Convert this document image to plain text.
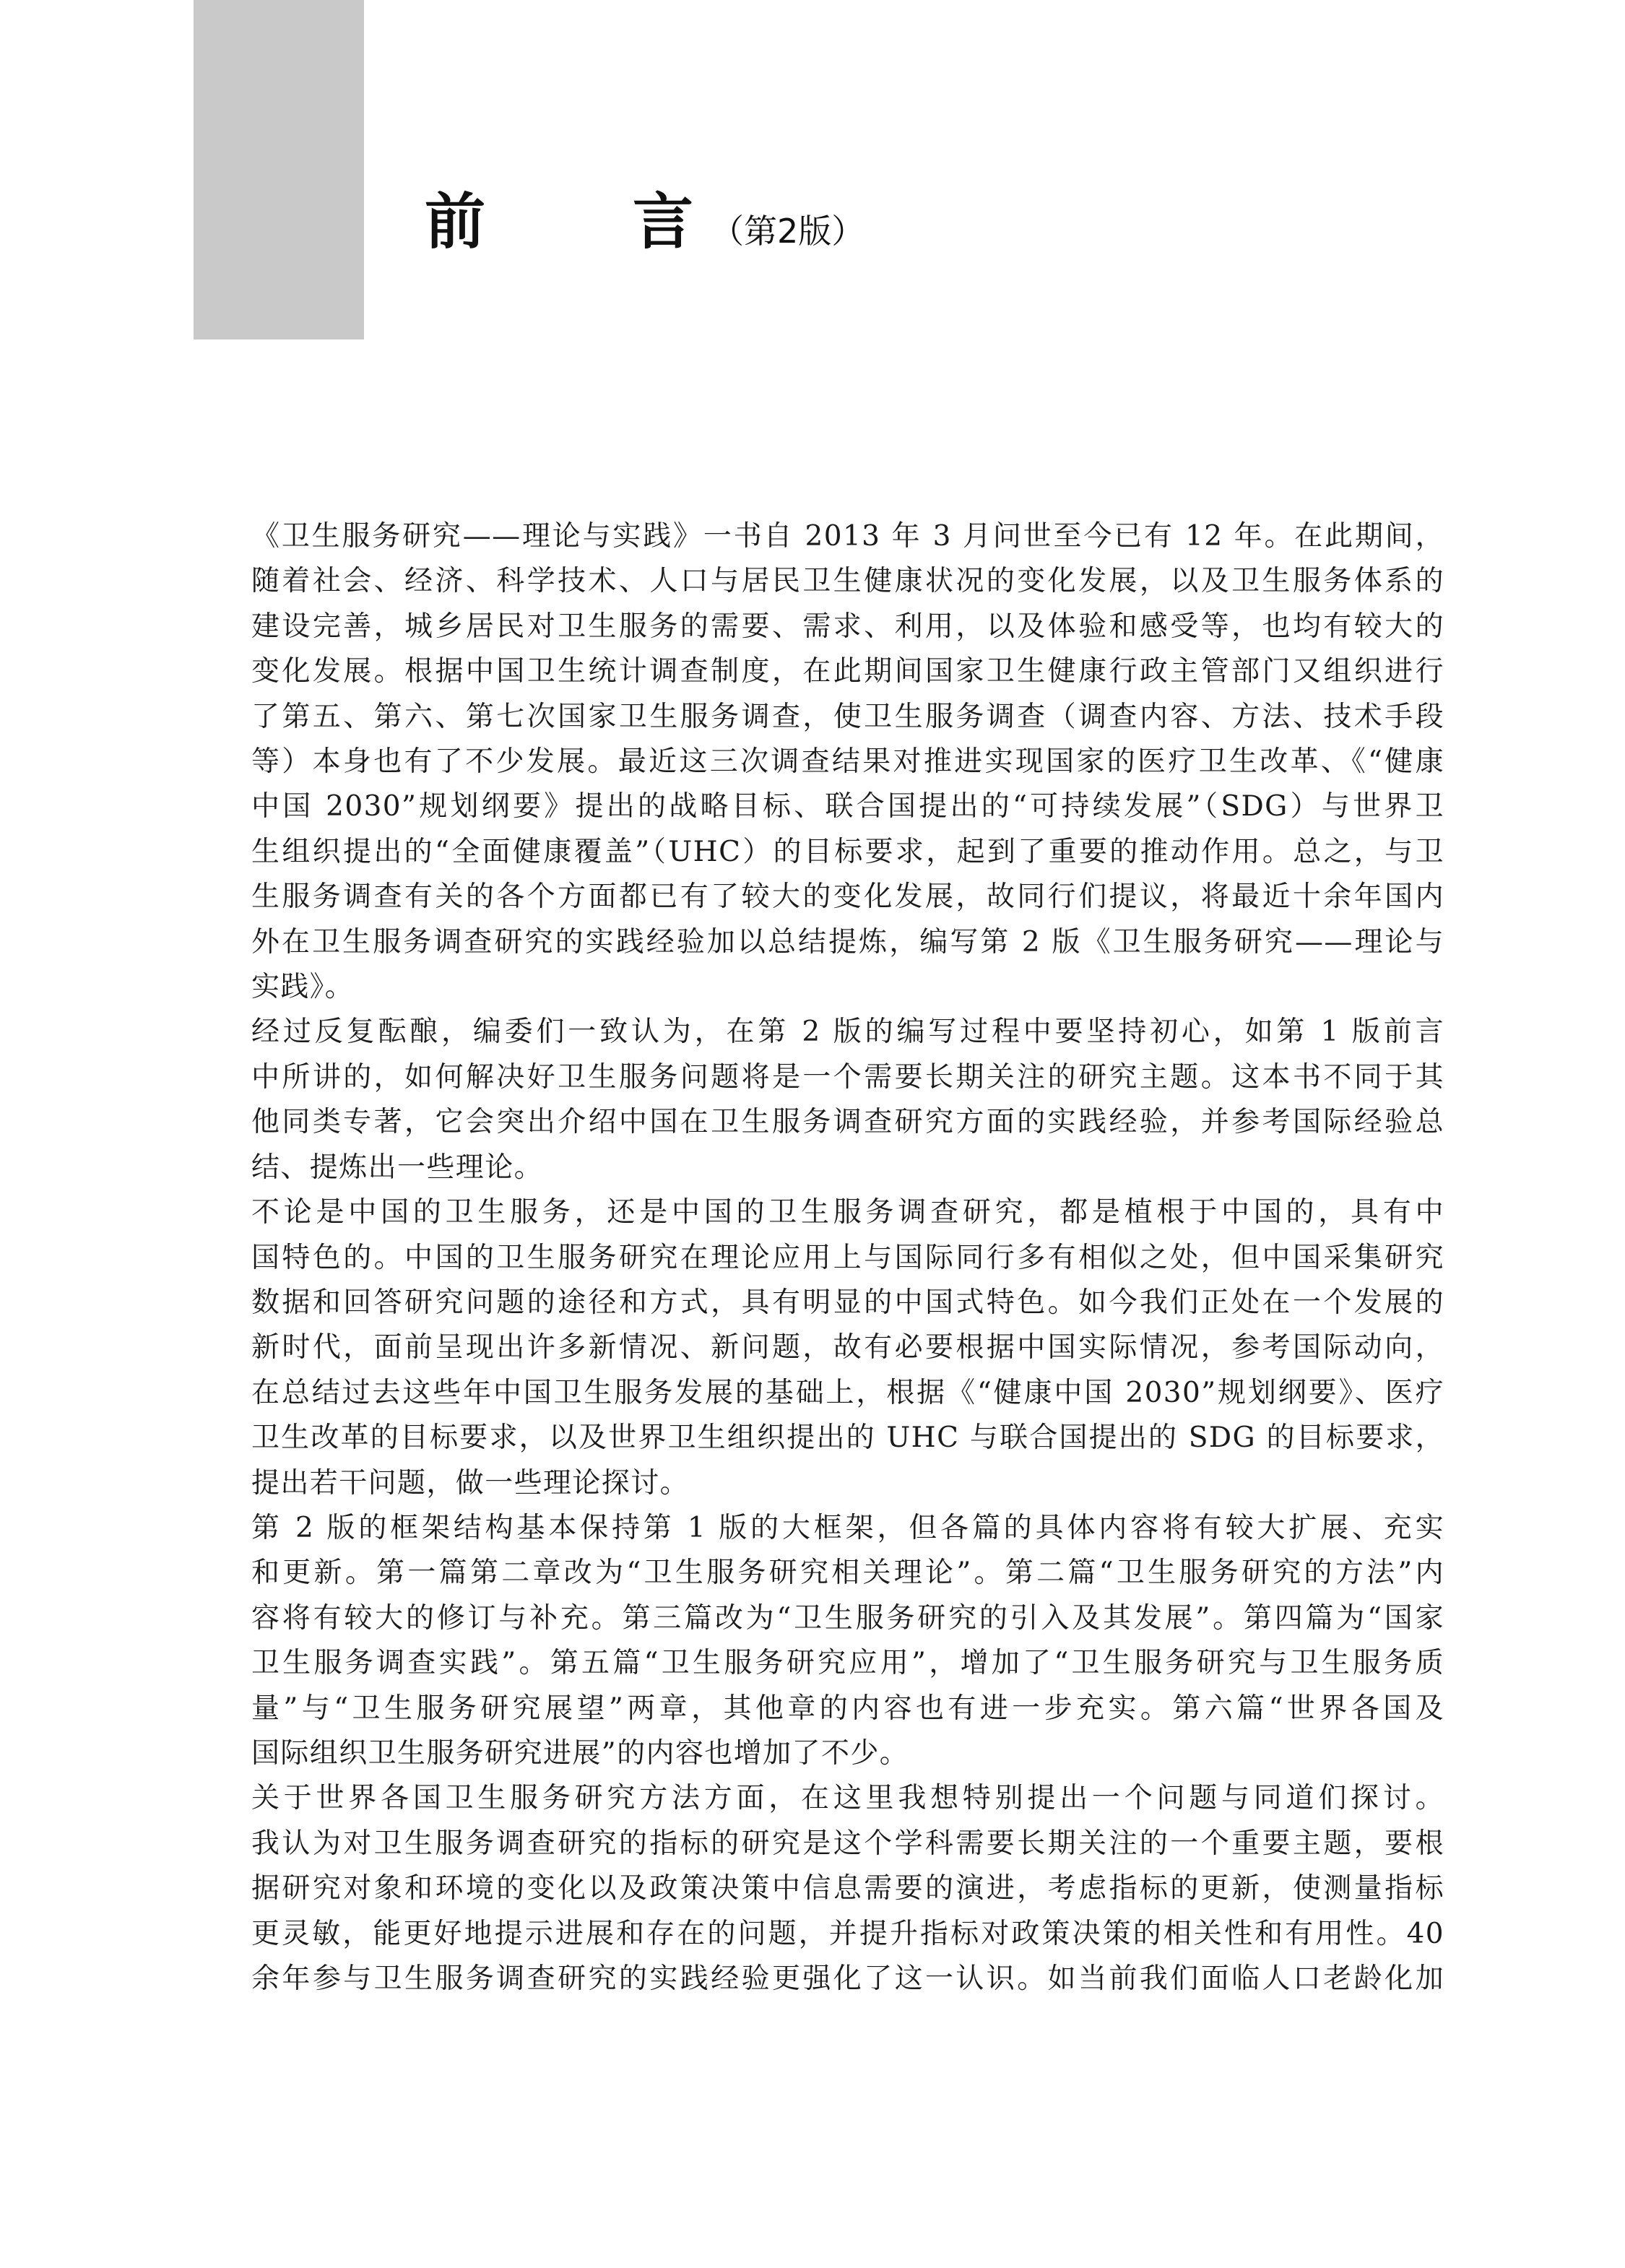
前　言
（第2版）

《卫生服务研究——理论与实践》一书自 2013 年 3 月问世至今已有 12 年。在此期间，
随着社会、经济、科学技术、人口与居民卫生健康状况的变化发展，以及卫生服务体系的
建设完善，城乡居民对卫生服务的需要、需求、利用，以及体验和感受等，也均有较大的
变化发展。根据中国卫生统计调查制度，在此期间国家卫生健康行政主管部门又组织进行
了第五、第六、第七次国家卫生服务调查，使卫生服务调查（调查内容、方法、技术手段
等）本身也有了不少发展。最近这三次调查结果对推进实现国家的医疗卫生改革、《“健康
中国 2030”规划纲要》提出的战略目标、联合国提出的“可持续发展”（SDG）与世界卫
生组织提出的“全面健康覆盖”（UHC）的目标要求，起到了重要的推动作用。总之，与卫
生服务调查有关的各个方面都已有了较大的变化发展，故同行们提议，将最近十余年国内
外在卫生服务调查研究的实践经验加以总结提炼，编写第 2 版《卫生服务研究——理论与
实践》。

经过反复酝酿，编委们一致认为，在第 2 版的编写过程中要坚持初心，如第 1 版前言
中所讲的，如何解决好卫生服务问题将是一个需要长期关注的研究主题。这本书不同于其
他同类专著，它会突出介绍中国在卫生服务调查研究方面的实践经验，并参考国际经验总
结、提炼出一些理论。

不论是中国的卫生服务，还是中国的卫生服务调查研究，都是植根于中国的，具有中
国特色的。中国的卫生服务研究在理论应用上与国际同行多有相似之处，但中国采集研究
数据和回答研究问题的途径和方式，具有明显的中国式特色。如今我们正处在一个发展的
新时代，面前呈现出许多新情况、新问题，故有必要根据中国实际情况，参考国际动向，
在总结过去这些年中国卫生服务发展的基础上，根据《“健康中国 2030”规划纲要》、医疗
卫生改革的目标要求，以及世界卫生组织提出的 UHC 与联合国提出的 SDG 的目标要求，
提出若干问题，做一些理论探讨。

第 2 版的框架结构基本保持第 1 版的大框架，但各篇的具体内容将有较大扩展、充实
和更新。第一篇第二章改为“卫生服务研究相关理论”。第二篇“卫生服务研究的方法”内
容将有较大的修订与补充。第三篇改为“卫生服务研究的引入及其发展”。第四篇为“国家
卫生服务调查实践”。第五篇“卫生服务研究应用”，增加了“卫生服务研究与卫生服务质
量”与“卫生服务研究展望”两章，其他章的内容也有进一步充实。第六篇“世界各国及
国际组织卫生服务研究进展”的内容也增加了不少。

关于世界各国卫生服务研究方法方面，在这里我想特别提出一个问题与同道们探讨。
我认为对卫生服务调查研究的指标的研究是这个学科需要长期关注的一个重要主题，要根
据研究对象和环境的变化以及政策决策中信息需要的演进，考虑指标的更新，使测量指标
更灵敏，能更好地提示进展和存在的问题，并提升指标对政策决策的相关性和有用性。40
余年参与卫生服务调查研究的实践经验更强化了这一认识。如当前我们面临人口老龄化加
